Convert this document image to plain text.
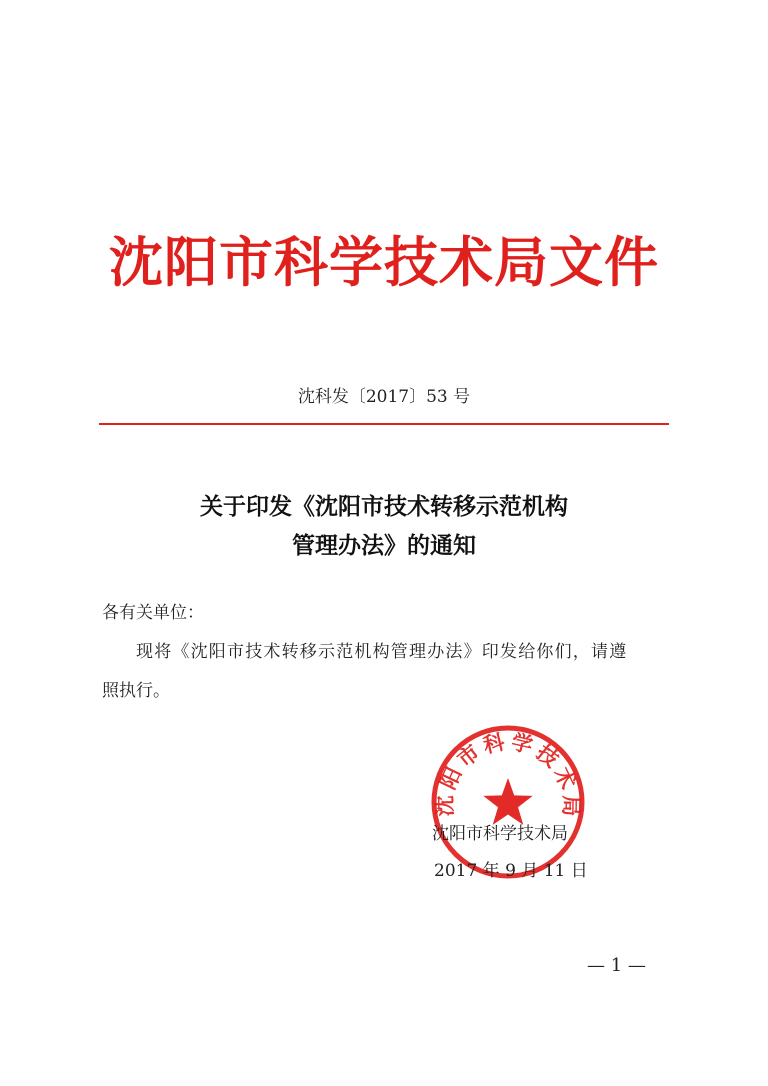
沈阳市科学技术局文件
沈科发〔2017〕53 号
关于印发《沈阳市技术转移示范机构
管理办法》的通知
各有关单位：
现将《沈阳市技术转移示范机构管理办法》印发给你们，请遵
照执行。
沈 阳 市 科 学 技 术 局
沈阳市科学技术局
2017 年 9 月 11 日
— 1 —
